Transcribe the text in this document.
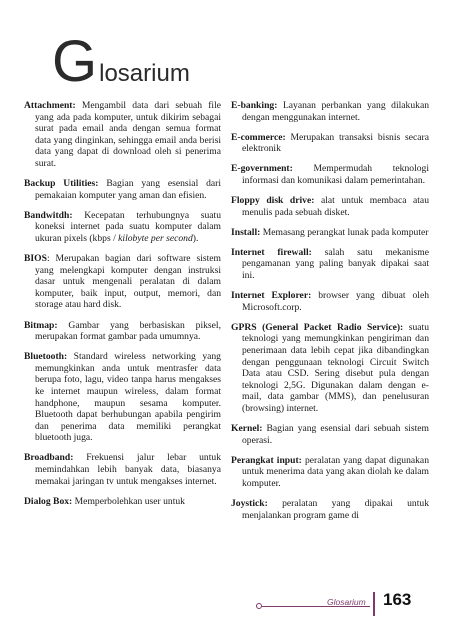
G losarium

Attachment: Mengambil data dari sebuah file yang ada pada komputer, untuk dikirim sebagai surat pada email anda dengan semua format data yang dinginkan, sehingga email anda berisi data yang dapat di download oleh si penerima surat.

Backup Utilities: Bagian yang esensial dari pemakaian komputer yang aman dan efisien.

Bandwitdh: Kecepatan terhubungnya suatu koneksi internet pada suatu komputer dalam ukuran pixels (kbps / kilobyte per second).

BIOS: Merupakan bagian dari software sistem yang melengkapi komputer dengan instruksi dasar untuk mengenali peralatan di dalam komputer, baik input, output, memori, dan storage atau hard disk.

Bitmap: Gambar yang berbasiskan piksel, merupakan format gambar pada umumnya.

Bluetooth: Standard wireless networking yang memungkinkan anda untuk mentrasfer data berupa foto, lagu, video tanpa harus mengakses ke internet maupun wireless, dalam format handphone, maupun sesama komputer. Bluetooth dapat berhubungan apabila pengirim dan penerima data memiliki perangkat bluetooth juga.

Broadband: Frekuensi jalur lebar untuk memindahkan lebih banyak data, biasanya memakai jaringan tv untuk mengakses internet.

Dialog Box: Memperbolehkan user untuk

E-banking: Layanan perbankan yang dilakukan dengan menggunakan internet.

E-commerce: Merupakan transaksi bisnis secara elektronik

E-government: Mempermudah teknologi informasi dan komunikasi dalam pemerintahan.

Floppy disk drive: alat untuk membaca atau menulis pada sebuah disket.

Install: Memasang perangkat lunak pada komputer

Internet firewall: salah satu mekanisme pengamanan yang paling banyak dipakai saat ini.

Internet Explorer: browser yang dibuat oleh Microsoft.corp.

GPRS (General Packet Radio Service): suatu teknologi yang memungkinkan pengiriman dan penerimaan data lebih cepat jika dibandingkan dengan penggunaan teknologi Circuit Switch Data atau CSD. Sering disebut pula dengan teknologi 2,5G. Digunakan dalam dengan e-mail, data gambar (MMS), dan penelusuran (browsing) internet.

Kernel: Bagian yang esensial dari sebuah sistem operasi.

Perangkat input: peralatan yang dapat digunakan untuk menerima data yang akan diolah ke dalam komputer.

Joystick: peralatan yang dipakai untuk menjalankan program game di

Glosarium 163
